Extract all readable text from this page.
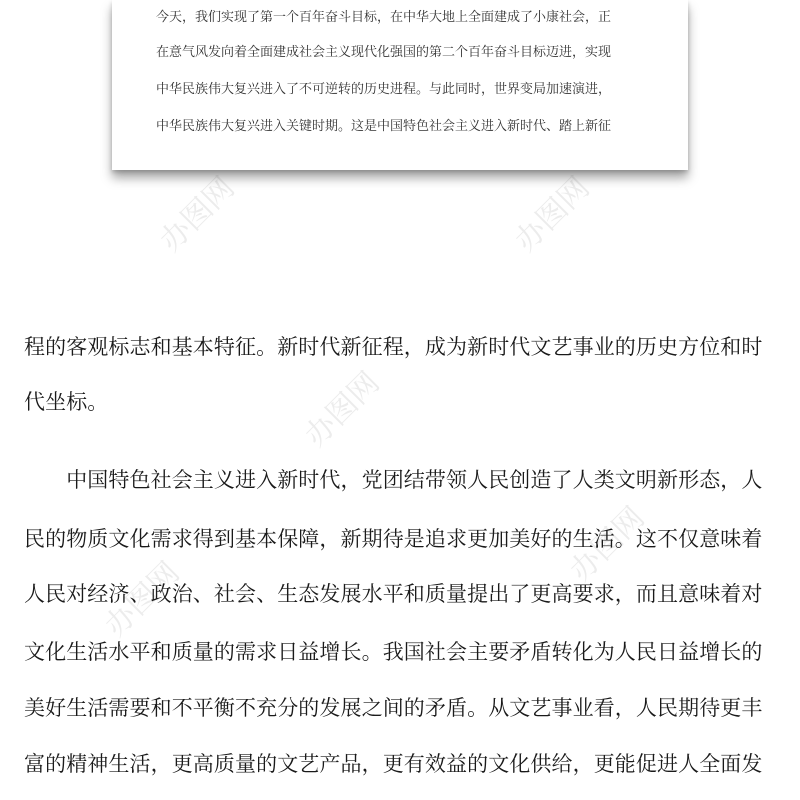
办图网	办图网
办图网
办图网
办图网
今天，我们实现了第一个百年奋斗目标，在中华大地上全面建成了小康社会，正
在意气风发向着全面建成社会主义现代化强国的第二个百年奋斗目标迈进，实现
中华民族伟大复兴进入了不可逆转的历史进程。与此同时，世界变局加速演进，
中华民族伟大复兴进入关键时期。这是中国特色社会主义进入新时代、踏上新征
程的客观标志和基本特征。新时代新征程，成为新时代文艺事业的历史方位和时
代坐标。
　　中国特色社会主义进入新时代，党团结带领人民创造了人类文明新形态，人
民的物质文化需求得到基本保障，新期待是追求更加美好的生活。这不仅意味着
人民对经济、政治、社会、生态发展水平和质量提出了更高要求，而且意味着对
文化生活水平和质量的需求日益增长。我国社会主要矛盾转化为人民日益增长的
美好生活需要和不平衡不充分的发展之间的矛盾。从文艺事业看，人民期待更丰
富的精神生活，更高质量的文艺产品，更有效益的文化供给，更能促进人全面发
